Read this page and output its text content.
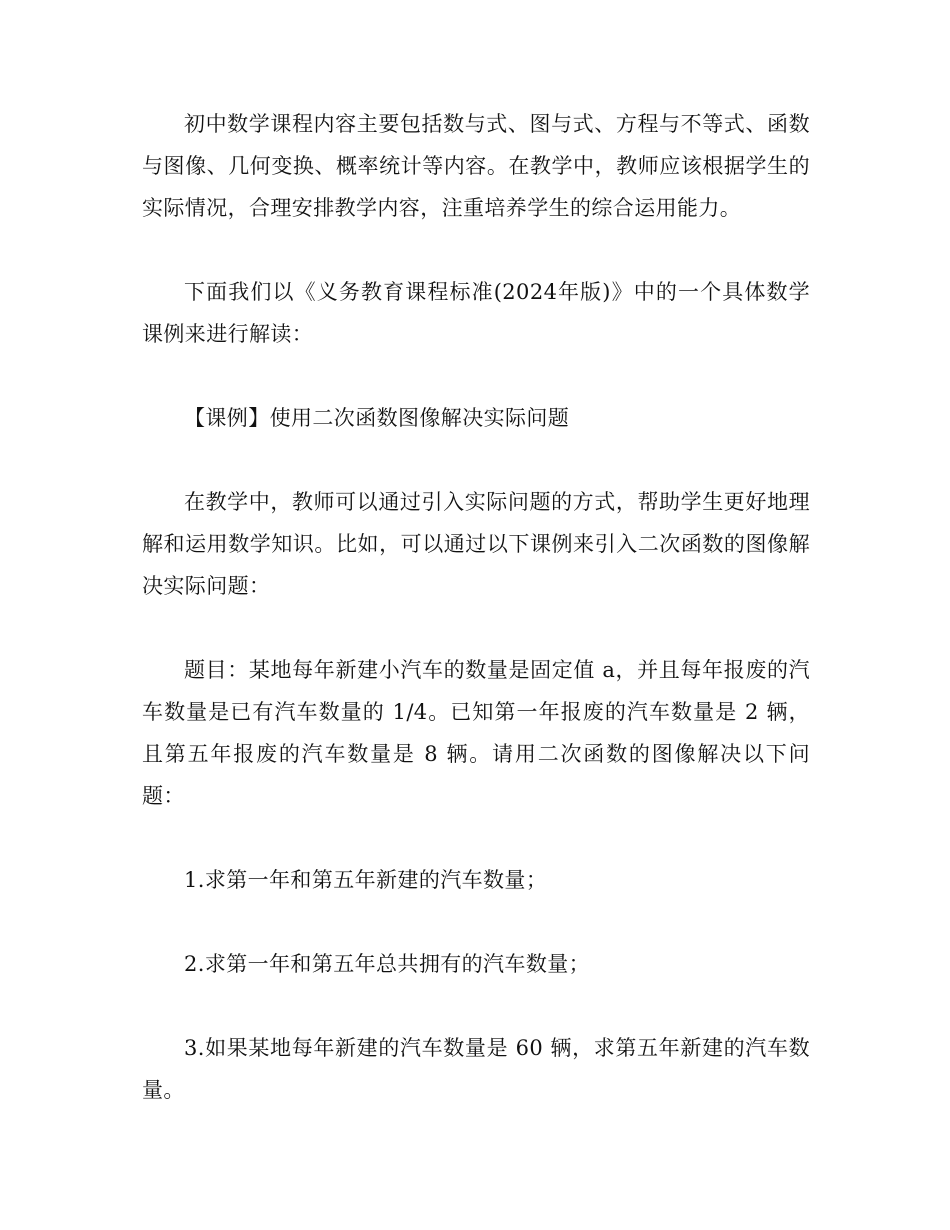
初中数学课程内容主要包括数与式、图与式、方程与不等式、函数与图像、几何变换、概率统计等内容。在教学中，教师应该根据学生的实际情况，合理安排教学内容，注重培养学生的综合运用能力。

下面我们以《义务教育课程标准(2024年版)》中的一个具体数学课例来进行解读：

【课例】使用二次函数图像解决实际问题

在教学中，教师可以通过引入实际问题的方式，帮助学生更好地理解和运用数学知识。比如，可以通过以下课例来引入二次函数的图像解决实际问题：

题目：某地每年新建小汽车的数量是固定值 a，并且每年报废的汽车数量是已有汽车数量的 1/4。已知第一年报废的汽车数量是 2 辆，且第五年报废的汽车数量是 8 辆。请用二次函数的图像解决以下问题：

1.求第一年和第五年新建的汽车数量；

2.求第一年和第五年总共拥有的汽车数量；

3.如果某地每年新建的汽车数量是 60 辆，求第五年新建的汽车数量。
